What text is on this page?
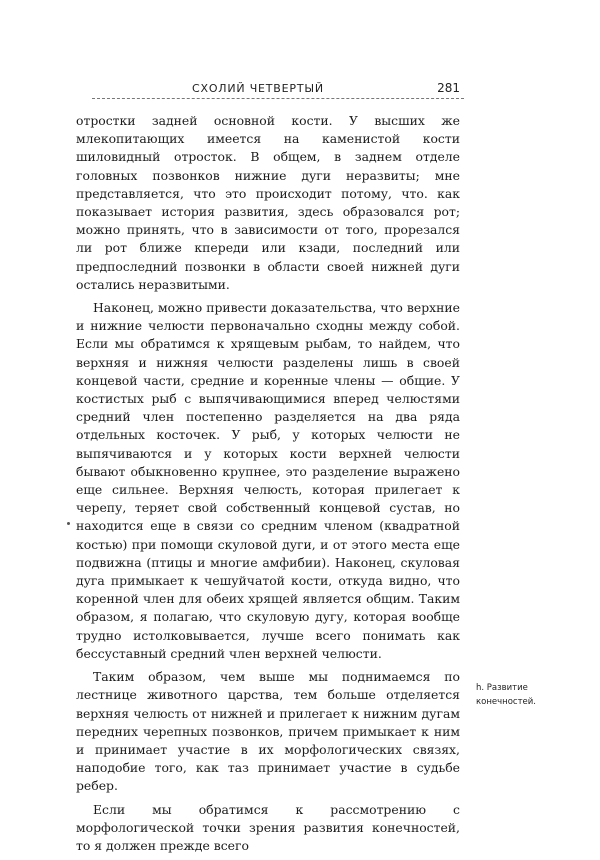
СХОЛИЙ ЧЕТВЕРТЫЙ	281

отростки задней основной кости. У высших же млекопитающих имеется на каменистой кости шиловидный отросток. В общем, в заднем отделе головных позвонков нижние дуги неразвиты; мне представляется, что это происходит потому, что. как показывает история развития, здесь образовался рот; можно принять, что в зависимости от того, прорезался ли рот ближе кпереди или кзади, последний или предпоследний позвонки в области своей нижней дуги остались неразвитыми.

Наконец, можно привести доказательства, что верхние и нижние челюсти первоначально сходны между собой. Если мы обратимся к хрящевым рыбам, то найдем, что верхняя и нижняя челюсти разделены лишь в своей концевой части, средние и коренные члены — общие. У костистых рыб с выпячивающимися вперед челюстями средний член постепенно разделяется на два ряда отдельных косточек. У рыб, у которых челюсти не выпячиваются и у которых кости верхней челюсти бывают обыкновенно крупнее, это разделение выражено еще сильнее. Верхняя челюсть, которая прилегает к черепу, теряет свой собственный концевой сустав, но находится еще в связи со средним членом (квадратной костью) при помощи скуловой дуги, и от этого места еще подвижна (птицы и многие амфибии). Наконец, скуловая дуга примыкает к чешуйчатой кости, откуда видно, что коренной член для обеих хрящей является общим. Таким образом, я полагаю, что скуловую дугу, которая вообще трудно истолковывается, лучше всего понимать как бессуставный средний член верхней челюсти.

Таким образом, чем выше мы поднимаемся по лестнице животного царства, тем больше отделяется верхняя челюсть от нижней и прилегает к нижним дугам передних черепных позвонков, причем примыкает к ним и принимает участие в их морфологических связях, наподобие того, как таз принимает участие в судьбе ребер.

Если мы обратимся к рассмотрению с морфологической точки зрения развития конечностей, то я должен прежде всего

h. Развитие конечностей.
